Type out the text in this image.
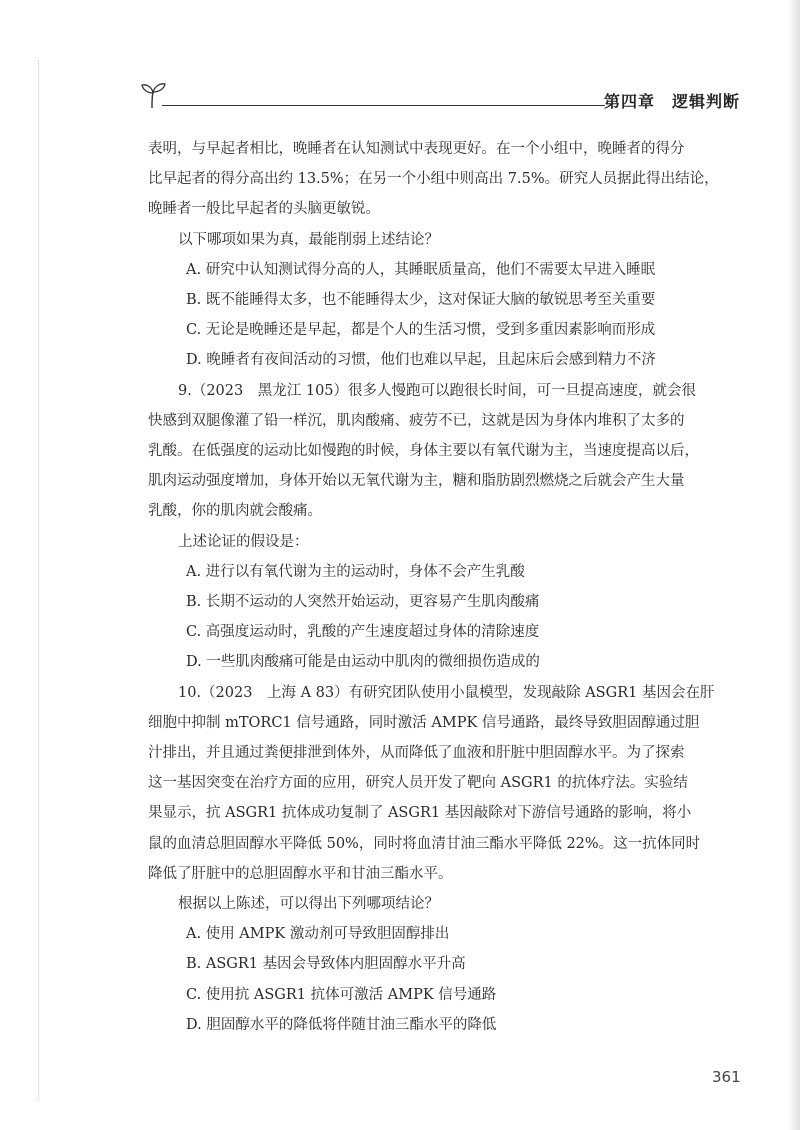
第四章　逻辑判断

表明，与早起者相比，晚睡者在认知测试中表现更好。在一个小组中，晚睡者的得分

比早起者的得分高出约 13.5%；在另一个小组中则高出 7.5%。研究人员据此得出结论，

晚睡者一般比早起者的头脑更敏锐。

以下哪项如果为真，最能削弱上述结论？

A. 研究中认知测试得分高的人，其睡眠质量高，他们不需要太早进入睡眠

B. 既不能睡得太多，也不能睡得太少，这对保证大脑的敏锐思考至关重要

C. 无论是晚睡还是早起，都是个人的生活习惯，受到多重因素影响而形成

D. 晚睡者有夜间活动的习惯，他们也难以早起，且起床后会感到精力不济

9.（2023　黑龙江 105）很多人慢跑可以跑很长时间，可一旦提高速度，就会很

快感到双腿像灌了铅一样沉，肌肉酸痛、疲劳不已，这就是因为身体内堆积了太多的

乳酸。在低强度的运动比如慢跑的时候，身体主要以有氧代谢为主，当速度提高以后，

肌肉运动强度增加，身体开始以无氧代谢为主，糖和脂肪剧烈燃烧之后就会产生大量

乳酸，你的肌肉就会酸痛。

上述论证的假设是：

A. 进行以有氧代谢为主的运动时，身体不会产生乳酸

B. 长期不运动的人突然开始运动，更容易产生肌肉酸痛

C. 高强度运动时，乳酸的产生速度超过身体的清除速度

D. 一些肌肉酸痛可能是由运动中肌肉的微细损伤造成的

10.（2023　上海 A 83）有研究团队使用小鼠模型，发现敲除 ASGR1 基因会在肝

细胞中抑制 mTORC1 信号通路，同时激活 AMPK 信号通路，最终导致胆固醇通过胆

汁排出，并且通过粪便排泄到体外，从而降低了血液和肝脏中胆固醇水平。为了探索

这一基因突变在治疗方面的应用，研究人员开发了靶向 ASGR1 的抗体疗法。实验结

果显示，抗 ASGR1 抗体成功复制了 ASGR1 基因敲除对下游信号通路的影响，将小

鼠的血清总胆固醇水平降低 50%，同时将血清甘油三酯水平降低 22%。这一抗体同时

降低了肝脏中的总胆固醇水平和甘油三酯水平。

根据以上陈述，可以得出下列哪项结论？

A. 使用 AMPK 激动剂可导致胆固醇排出

B. ASGR1 基因会导致体内胆固醇水平升高

C. 使用抗 ASGR1 抗体可激活 AMPK 信号通路

D. 胆固醇水平的降低将伴随甘油三酯水平的降低

361
